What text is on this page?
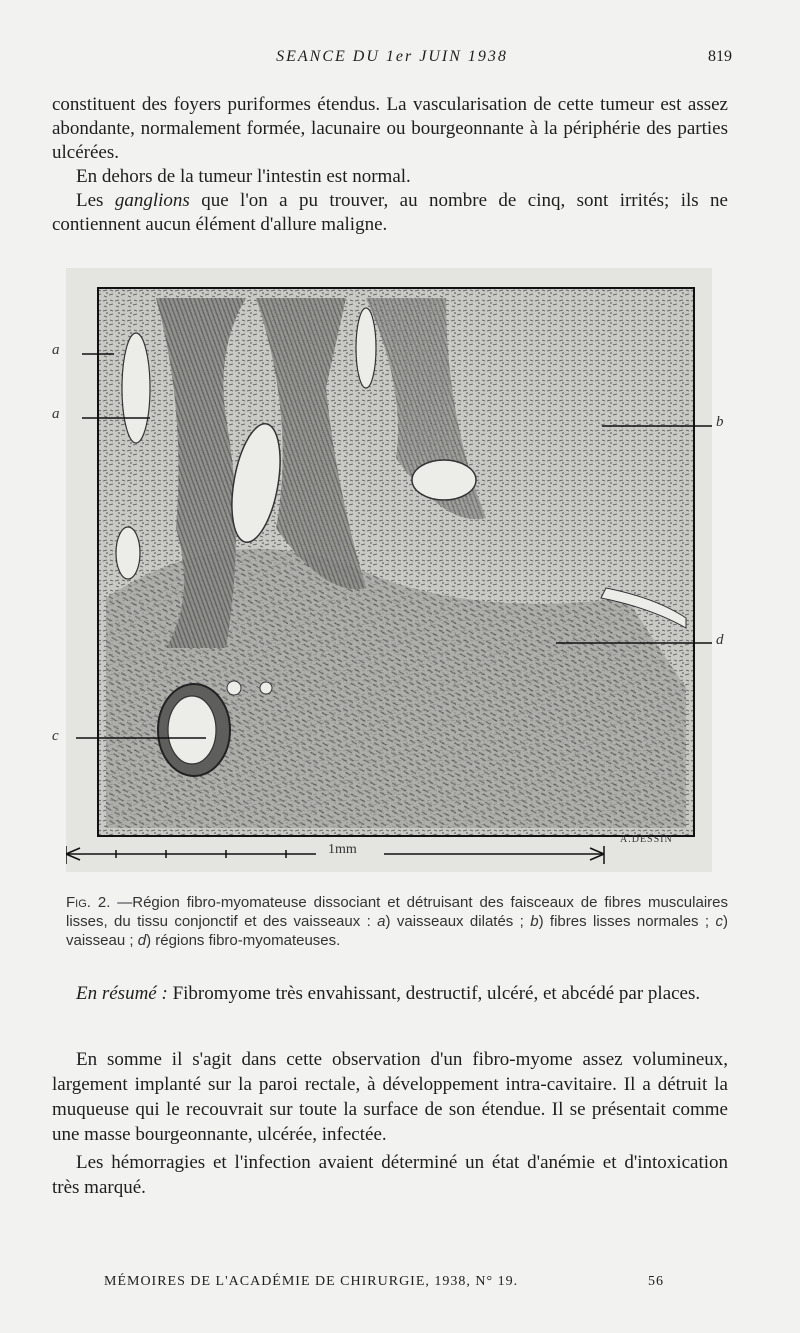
SEANCE DU 1er JUIN 1938	819

constituent des foyers puriformes étendus. La vascularisation de cette tumeur est assez abondante, normalement formée, lacunaire ou bourgeonnante à la périphérie des parties ulcérées.

En dehors de la tumeur l'intestin est normal.

Les ganglions que l'on a pu trouver, au nombre de cinq, sont irrités; ils ne contiennent aucun élément d'allure maligne.

a
a	b
c
d
1mm
A.DESSIN
Fig. 2. —Région fibro-myomateuse dissociant et détruisant des faisceaux de fibres musculaires lisses, du tissu conjonctif et des vaisseaux : a) vaisseaux dilatés ; b) fibres lisses normales ; c) vaisseau ; d) régions fibro-myomateuses.

En résumé : Fibromyome très envahissant, destructif, ulcéré, et abcédé par places.

En somme il s'agit dans cette observation d'un fibro-myome assez volumineux, largement implanté sur la paroi rectale, à développement intra-cavitaire. Il a détruit la muqueuse qui le recouvrait sur toute la surface de son étendue. Il se présentait comme une masse bourgeonnante, ulcérée, infectée.

Les hémorragies et l'infection avaient déterminé un état d'anémie et d'intoxication très marqué.

MÉMOIRES DE L'ACADÉMIE DE CHIRURGIE, 1938, N° 19.	56
